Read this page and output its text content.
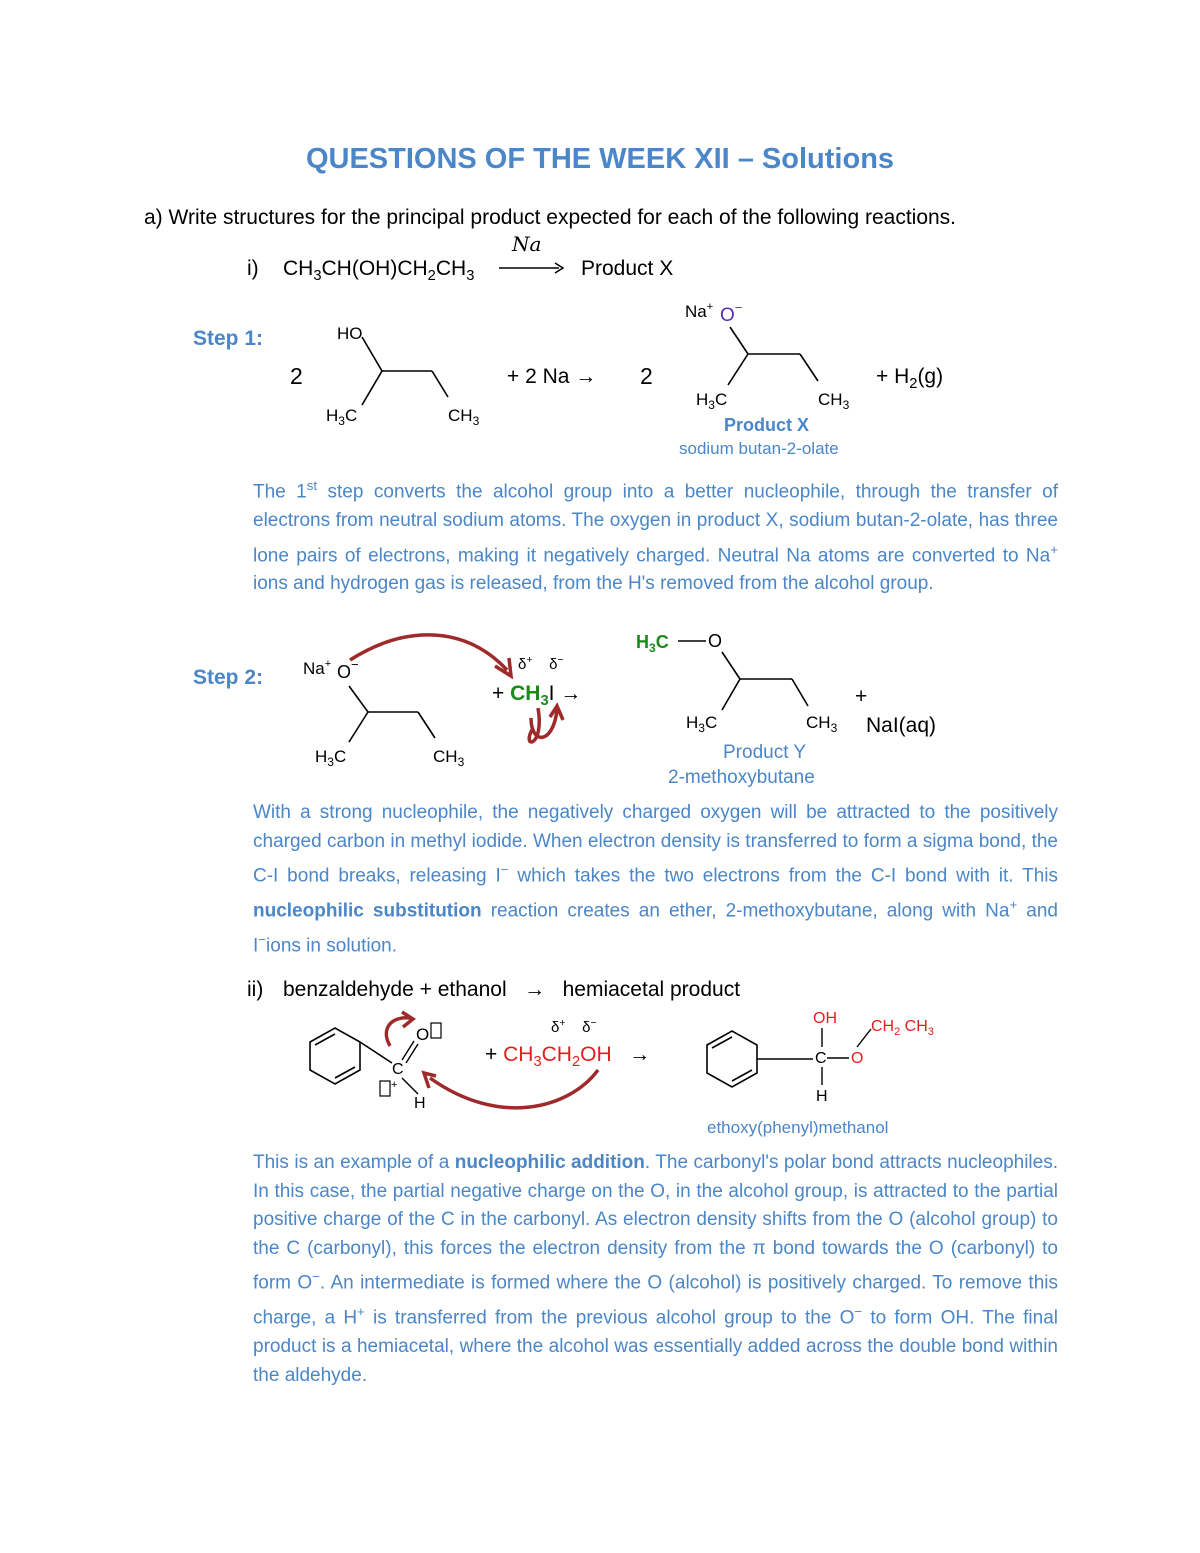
QUESTIONS OF THE WEEK XII – Solutions
a) Write structures for the principal product expected for each of the following reactions.
i) $CH_3CH(OH)CH_2CH_3$
Na
Product X
Step 1:
2
HO
$H_3C$	$CH_3$
+ 2 Na → 2
Na+ O−
$H_3C$	$CH_3$
+ $H_2(g)$
Product X
sodium butan-2-olate
The 1st step converts the alcohol group into a better nucleophile, through the transfer of electrons from neutral sodium atoms. The oxygen in product X, sodium butan-2-olate, has three lone pairs of electrons, making it negatively charged. Neutral Na atoms are converted to Na+ ions and hydrogen gas is released, from the H's removed from the alcohol group.
Step 2: Na+ O−
$H_3C$	$CH_3$
δ+    δ−
+ $CH_3I$ →
$H_3C$ O
$H_3C$	$CH_3$
+
NaI(aq)
Product Y
2-methoxybutane
With a strong nucleophile, the negatively charged oxygen will be attracted to the positively charged carbon in methyl iodide. When electron density is transferred to form a sigma bond, the C-I bond breaks, releasing I− which takes the two electrons from the C-I bond with it. This nucleophilic substitution reaction creates an ether, 2-methoxybutane, along with Na+ and I−ions in solution.
ii) benzaldehyde + ethanol   →   hemiacetal product
C
O
H
+
δ+    δ−
+ $CH_3CH_2OH$   →
OH
C O
$CH_2$ $CH_3$
H
ethoxy(phenyl)methanol
This is an example of a nucleophilic addition. The carbonyl's polar bond attracts nucleophiles. In this case, the partial negative charge on the O, in the alcohol group, is attracted to the partial positive charge of the C in the carbonyl. As electron density shifts from the O (alcohol group) to the C (carbonyl), this forces the electron density from the π bond towards the O (carbonyl) to form O−. An intermediate is formed where the O (alcohol) is positively charged. To remove this charge, a H+ is transferred from the previous alcohol group to the O− to form OH. The final product is a hemiacetal, where the alcohol was essentially added across the double bond within the aldehyde.
